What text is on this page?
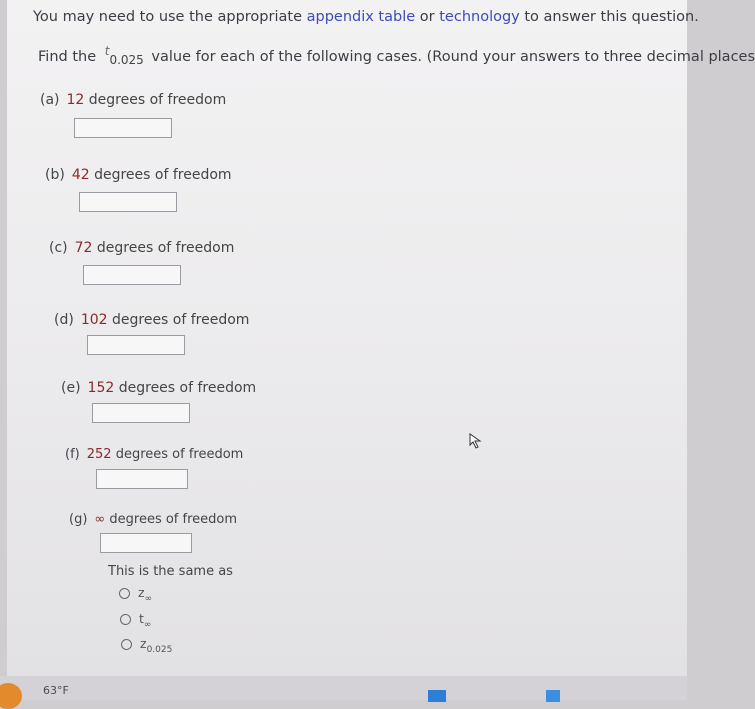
You may need to use the appropriate appendix table or technology to answer this question.
Find the $^t_{0.025}$ value for each of the following cases. (Round your answers to three decimal places
(a) 12 degrees of freedom
(b) 42 degrees of freedom
(c) 72 degrees of freedom
(d) 102 degrees of freedom
(e) 152 degrees of freedom
(f) 252 degrees of freedom
(g) ∞ degrees of freedom
This is the same as
$z_\infty$
$t_\infty$
$z_{0.025}$
63°F
